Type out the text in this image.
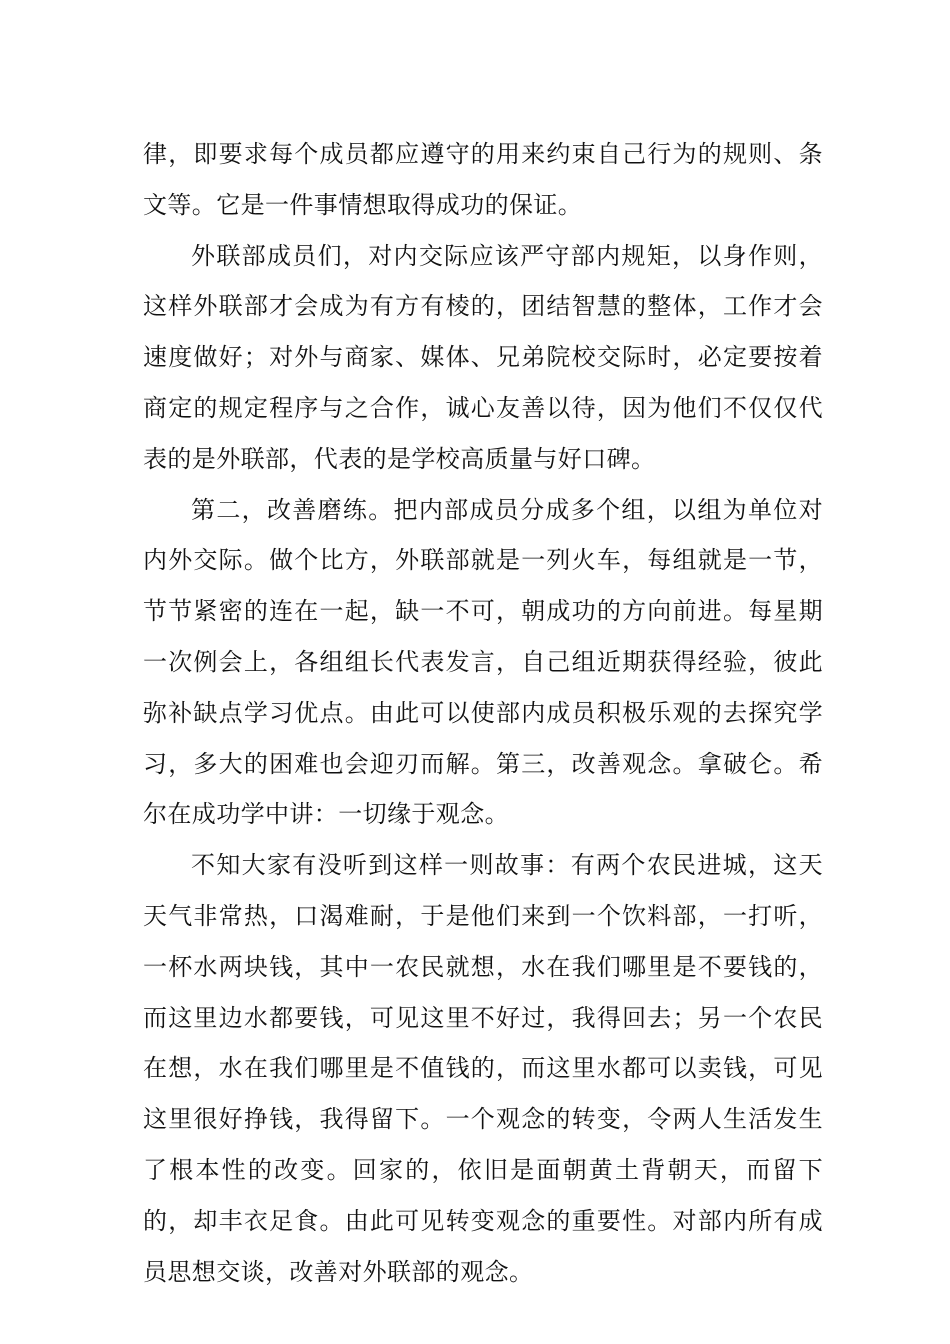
律，即要求每个成员都应遵守的用来约束自己行为的规则、条文等。它是一件事情想取得成功的保证。

外联部成员们，对内交际应该严守部内规矩，以身作则，这样外联部才会成为有方有棱的，团结智慧的整体，工作才会速度做好；对外与商家、媒体、兄弟院校交际时，必定要按着商定的规定程序与之合作，诚心友善以待，因为他们不仅仅代表的是外联部，代表的是学校高质量与好口碑。

第二，改善磨练。把内部成员分成多个组，以组为单位对内外交际。做个比方，外联部就是一列火车，每组就是一节，节节紧密的连在一起，缺一不可，朝成功的方向前进。每星期一次例会上，各组组长代表发言，自己组近期获得经验，彼此弥补缺点学习优点。由此可以使部内成员积极乐观的去探究学习，多大的困难也会迎刃而解。第三，改善观念。拿破仑。希尔在成功学中讲：一切缘于观念。

不知大家有没听到这样一则故事：有两个农民进城，这天天气非常热，口渴难耐，于是他们来到一个饮料部，一打听，一杯水两块钱，其中一农民就想，水在我们哪里是不要钱的，而这里边水都要钱，可见这里不好过，我得回去；另一个农民在想，水在我们哪里是不值钱的，而这里水都可以卖钱，可见这里很好挣钱，我得留下。一个观念的转变，令两人生活发生了根本性的改变。回家的，依旧是面朝黄土背朝天，而留下的，却丰衣足食。由此可见转变观念的重要性。对部内所有成员思想交谈，改善对外联部的观念。
